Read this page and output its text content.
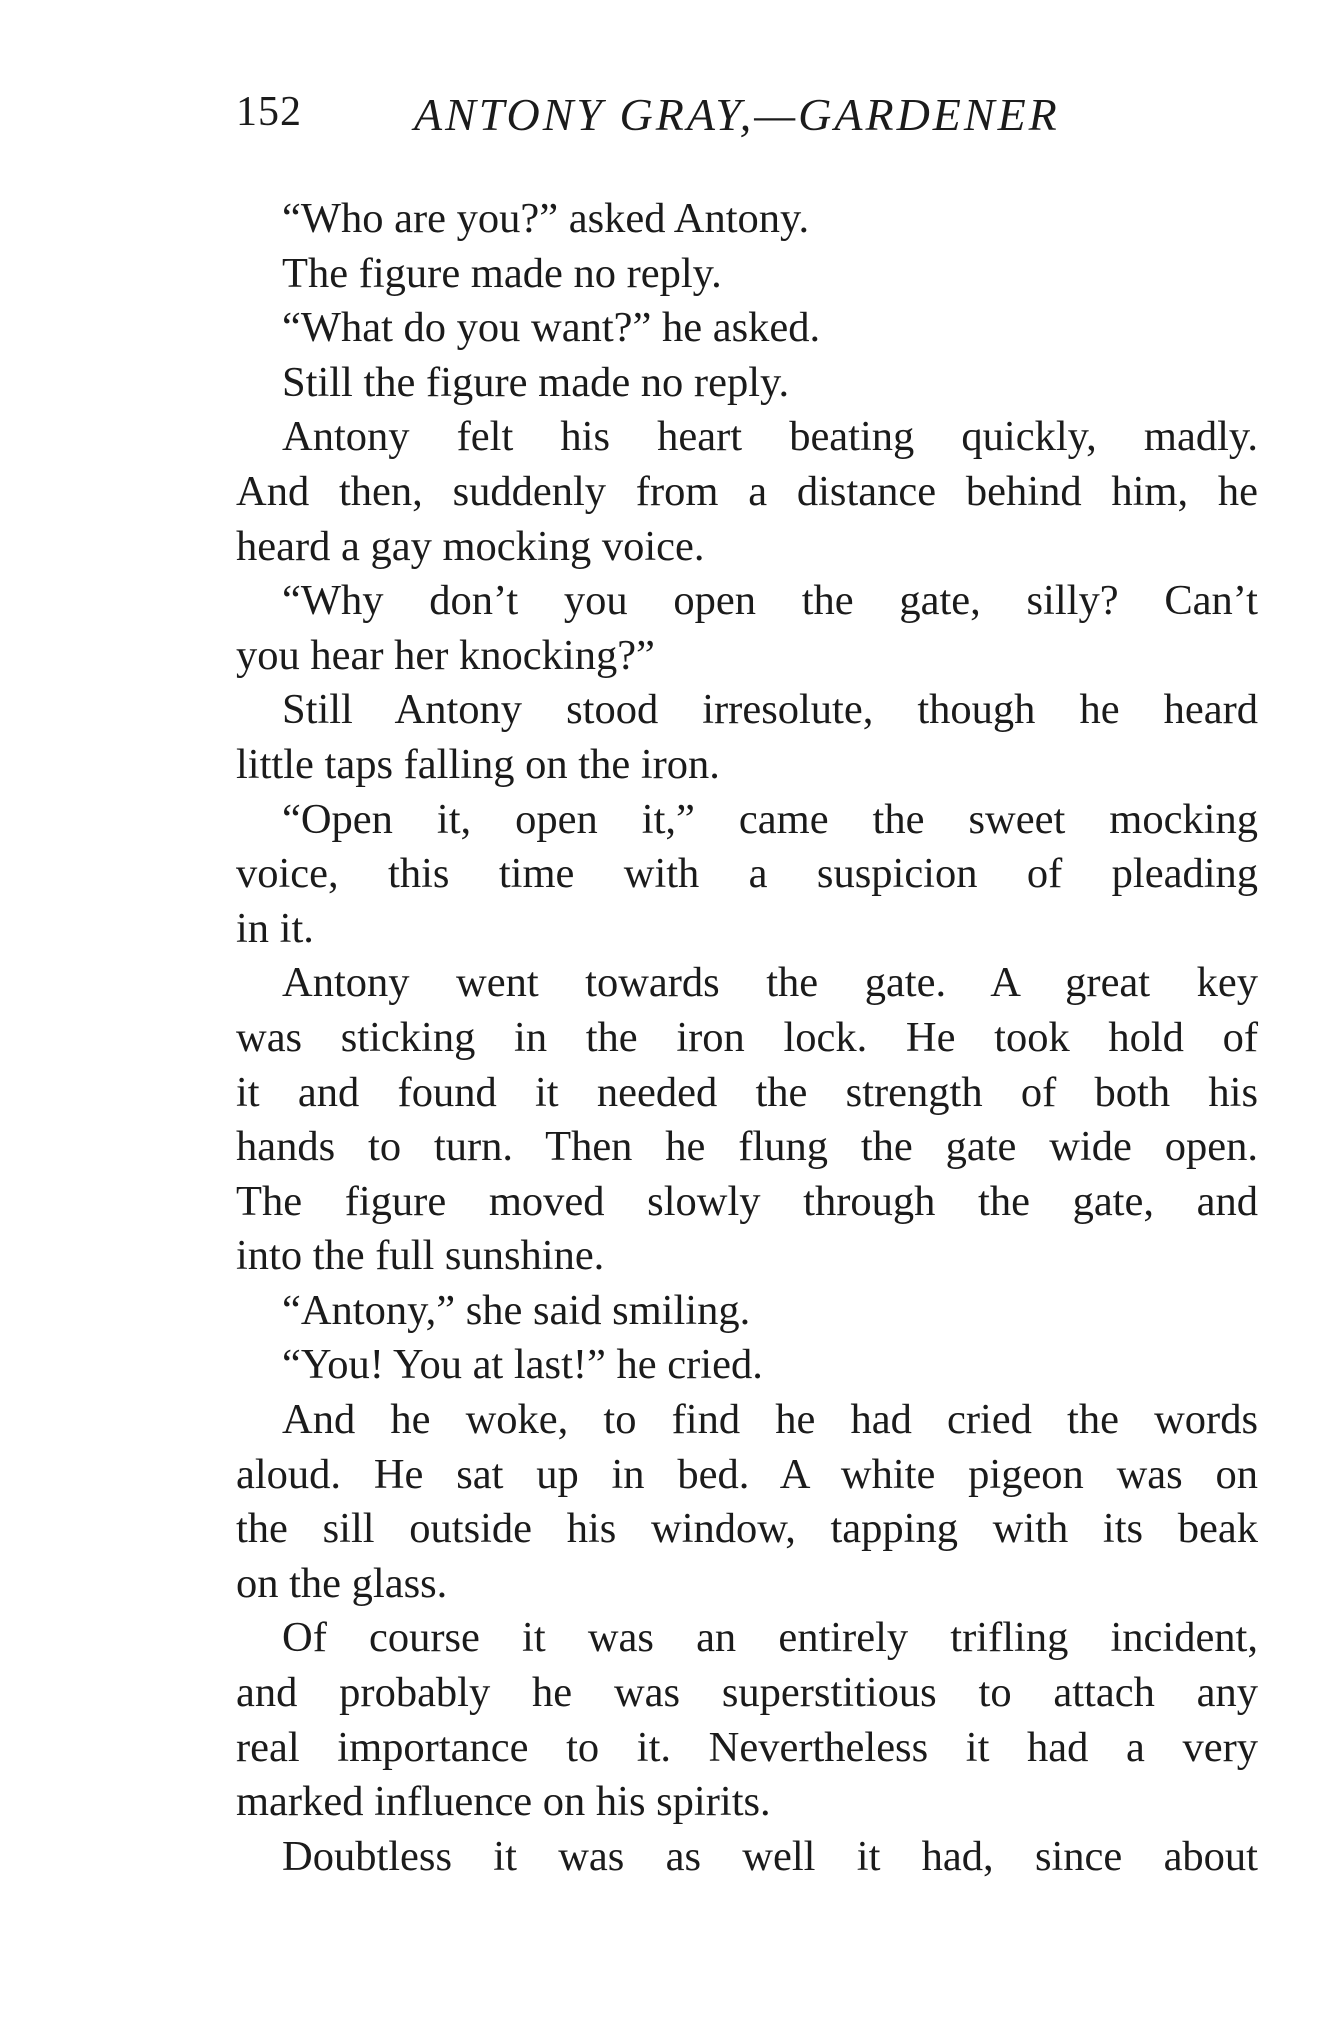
152 ANTONY GRAY,—GARDENER
“Who are you?” asked Antony.
The figure made no reply.
“What do you want?” he asked.
Still the figure made no reply.
Antony felt his heart beating quickly, madly.
And then, suddenly from a distance behind him, he
heard a gay mocking voice.
“Why don’t you open the gate, silly? Can’t
you hear her knocking?”
Still Antony stood irresolute, though he heard
little taps falling on the iron.
“Open it, open it,” came the sweet mocking
voice, this time with a suspicion of pleading
in it.
Antony went towards the gate. A great key
was sticking in the iron lock. He took hold of
it and found it needed the strength of both his
hands to turn. Then he flung the gate wide open.
The figure moved slowly through the gate, and
into the full sunshine.
“Antony,” she said smiling.
“You! You at last!” he cried.
And he woke, to find he had cried the words
aloud. He sat up in bed. A white pigeon was on
the sill outside his window, tapping with its beak
on the glass.
Of course it was an entirely trifling incident,
and probably he was superstitious to attach any
real importance to it. Nevertheless it had a very
marked influence on his spirits.
Doubtless it was as well it had, since about
